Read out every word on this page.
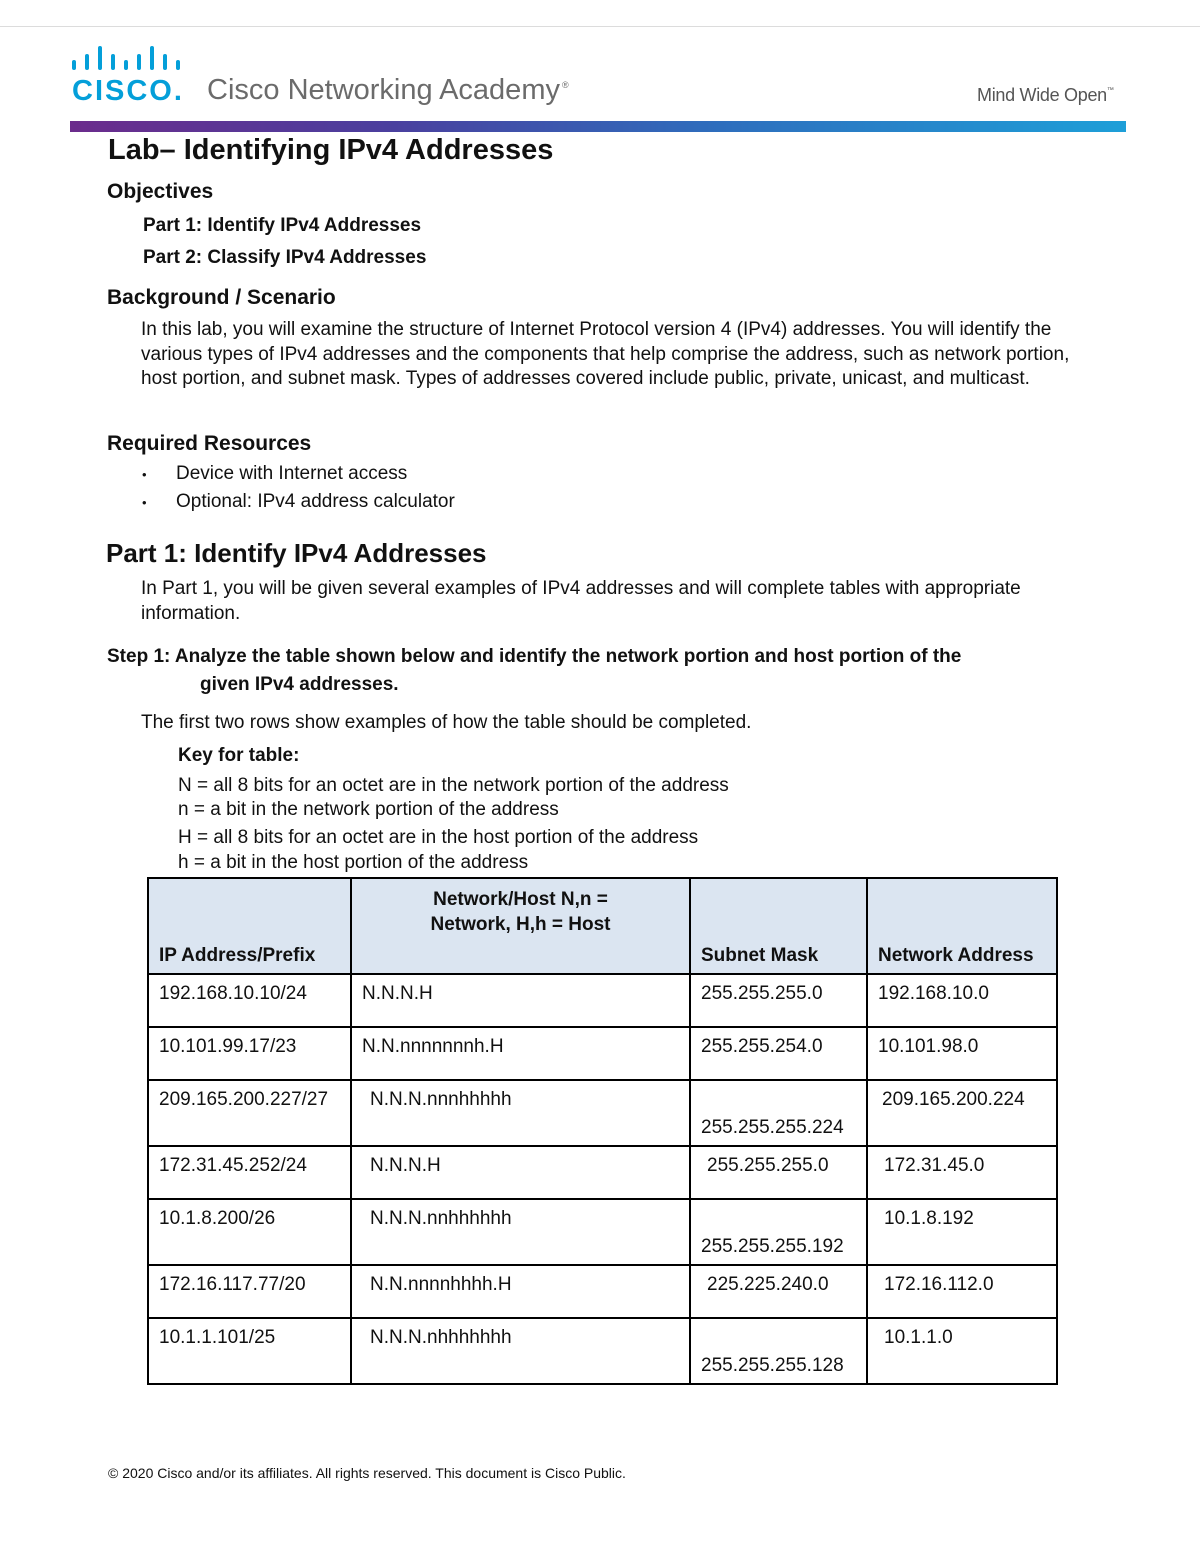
CISCO. Cisco Networking Academy ®	Mind Wide Open™
Lab– Identifying IPv4 Addresses
Objectives
Part 1: Identify IPv4 Addresses
Part 2: Classify IPv4 Addresses
Background / Scenario
In this lab, you will examine the structure of Internet Protocol version 4 (IPv4) addresses. You will identify the various types of IPv4 addresses and the components that help comprise the address, such as network portion, host portion, and subnet mask. Types of addresses covered include public, private, unicast, and multicast.
Required Resources
• Device with Internet access
• Optional: IPv4 address calculator
Part 1: Identify IPv4 Addresses
In Part 1, you will be given several examples of IPv4 addresses and will complete tables with appropriate information.
Step 1: Analyze the table shown below and identify the network portion and host portion of the
given IPv4 addresses.
The first two rows show examples of how the table should be completed.
Key for table:
N = all 8 bits for an octet are in the network portion of the address
n = a bit in the network portion of the address
H = all 8 bits for an octet are in the host portion of the address
h = a bit in the host portion of the address
IP Address/Prefix	Network/Host N,n =
Network, H,h = Host	Subnet Mask	Network Address
192.168.10.10/24	N.N.N.H	255.255.255.0	192.168.10.0
10.101.99.17/23	N.N.nnnnnnnh.H	255.255.254.0	10.101.98.0
209.165.200.227/27	N.N.N.nnnhhhhh	255.255.255.224	209.165.200.224
172.31.45.252/24	N.N.N.H	255.255.255.0	172.31.45.0
10.1.8.200/26	N.N.N.nnhhhhhh	255.255.255.192	10.1.8.192
172.16.117.77/20	N.N.nnnnhhhh.H	225.225.240.0	172.16.112.0
10.1.1.101/25	N.N.N.nhhhhhhh	255.255.255.128	10.1.1.0
© 2020 Cisco and/or its affiliates. All rights reserved. This document is Cisco Public.
